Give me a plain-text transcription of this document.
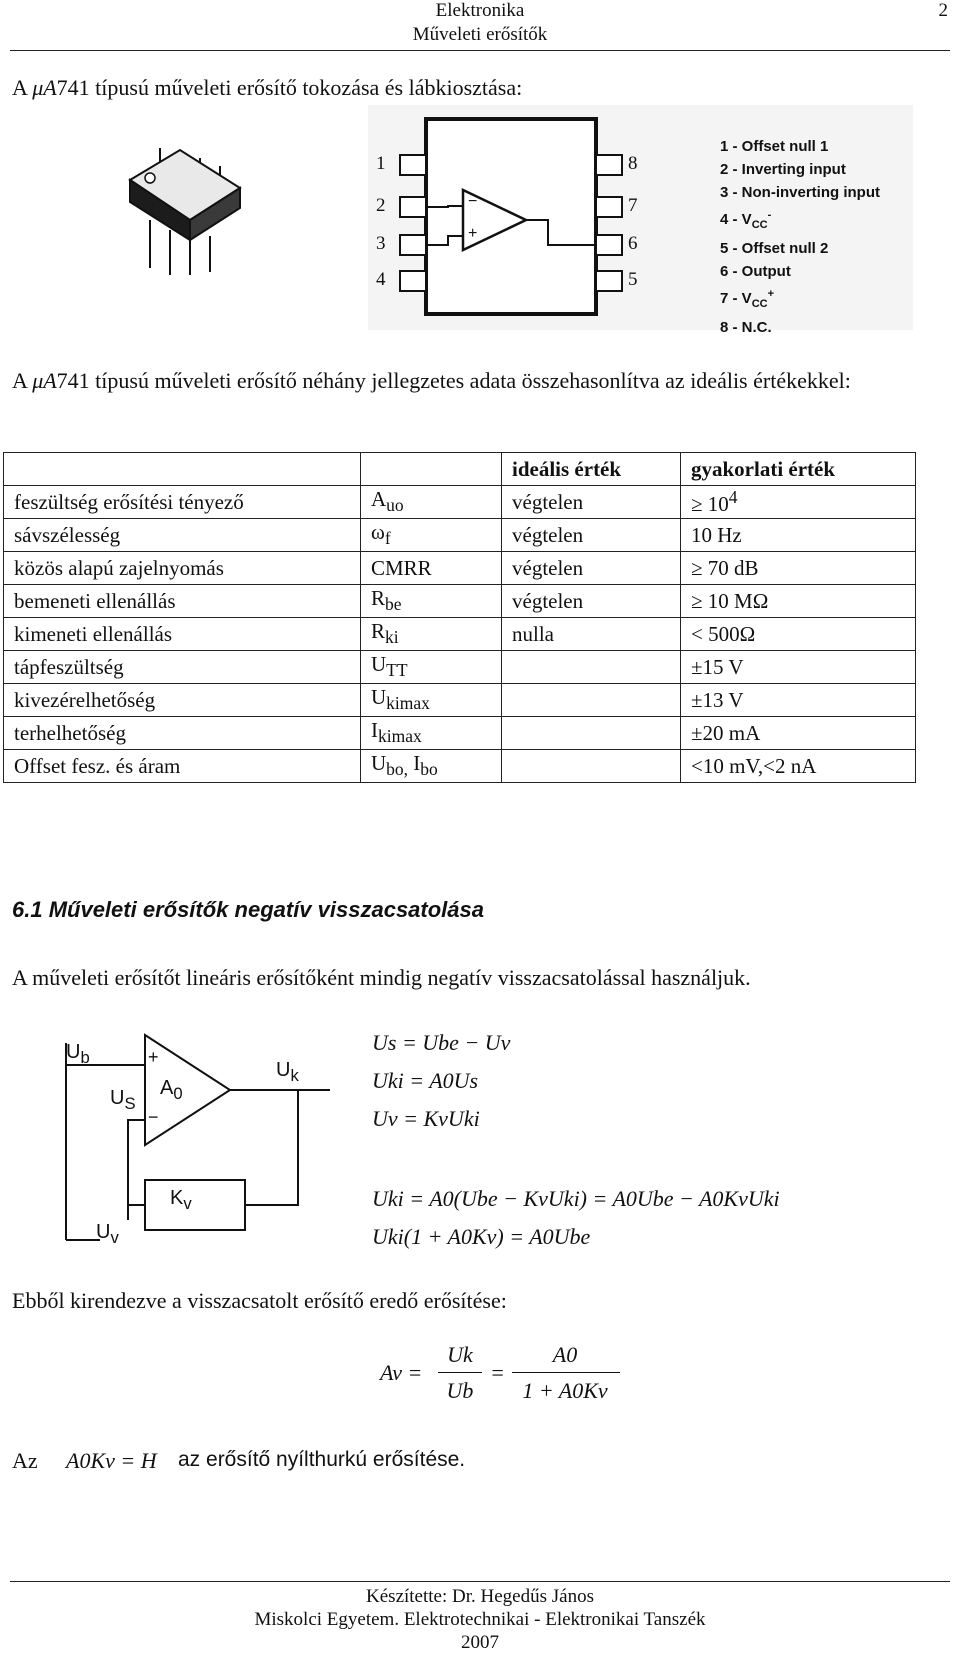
Elektronika
Műveleti erősítők
2
A μA741 típusú műveleti erősítő tokozása és lábkiosztása:
1
2
3
4
8
7
6
5
−
+
1 - Offset null 1
2 - Inverting input
3 - Non-inverting input
$4 - V_{CC}^-$
5 - Offset null 2
6 - Output
$7 - V_{CC}^+$
8 - N.C.
A μA741 típusú műveleti erősítő néhány jellegzetes adata összehasonlítva az ideális értékekkel:
		ideális érték	gyakorlati érték
feszültség erősítési tényező	$A_{uo}$	végtelen	≥ $10^4$
sávszélesség	$\omega_f$	végtelen	10 Hz
közös alapú zajelnyomás	CMRR	végtelen	≥ 70 dB
bemeneti ellenállás	$R_{be}$	végtelen	≥ 10 MΩ
kimeneti ellenállás	$R_{ki}$	nulla	< 500Ω
tápfeszültség	$U_{TT}$		±15 V
kivezérelhetőség	$U_{kimax}$		±13 V
terhelhetőség	$I_{kimax}$		±20 mA
Offset fesz. és áram	$U_{bo,}$ $I_{bo}$		<10 mV,<2 nA
6.1 Műveleti erősítők negatív visszacsatolása
A műveleti erősítőt lineáris erősítőként mindig negatív visszacsatolással használjuk.
$U_b$
$U_S$
+
−
$A_0$
$U_k$
$K_v$
$U_v$
Us = Ube − Uv
Uki = A0Us
Uv = KvUki
Uki = A0(Ube − KvUki) = A0Ube − A0KvUki
Uki(1 + A0Kv) = A0Ube
Ebből kirendezve a visszacsatolt erősítő eredő erősítése:
Av =
Uk
Ub
=
A0
1 + A0Kv
Az A0Kv = H az erősítő nyílthurkú erősítése.
Készítette: Dr. Hegedűs János
Miskolci Egyetem. Elektrotechnikai - Elektronikai Tanszék
2007
